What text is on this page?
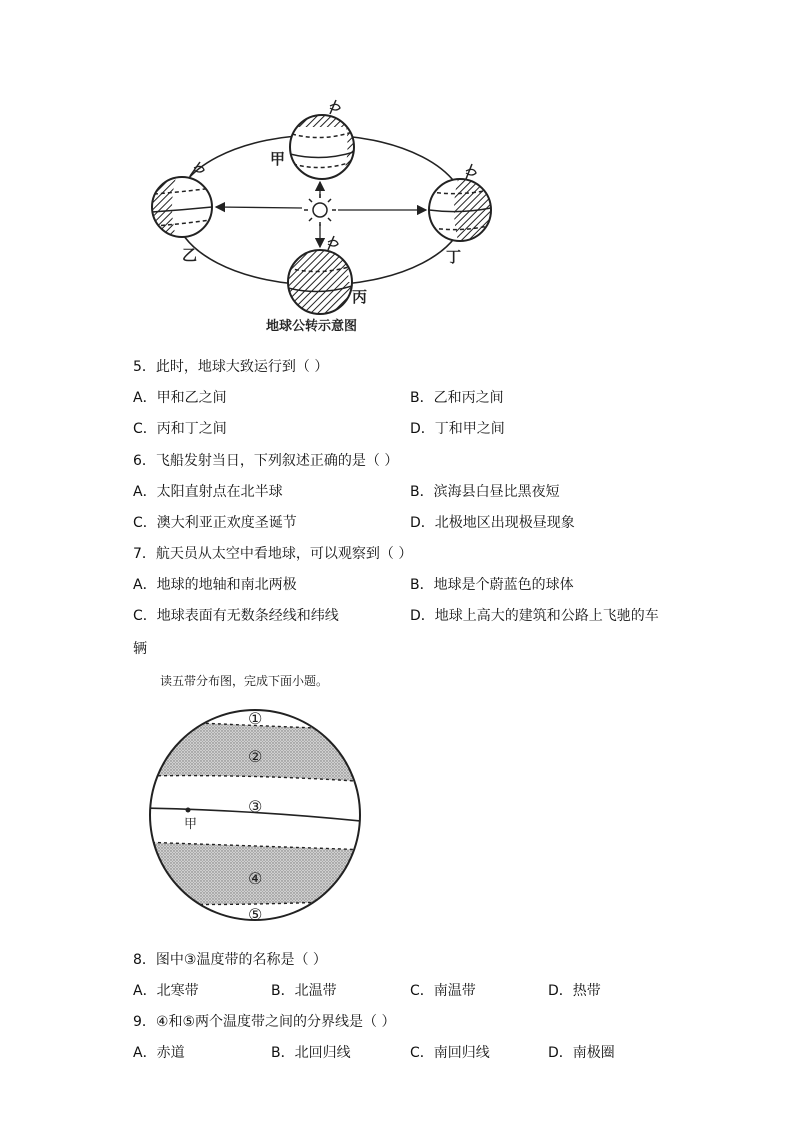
甲
乙
丙
丁
地球公转示意图
5．此时，地球大致运行到（ ）
A．甲和乙之间	B．乙和丙之间
C．丙和丁之间	D．丁和甲之间
6．飞船发射当日，下列叙述正确的是（ ）
A．太阳直射点在北半球	B．滨海县白昼比黑夜短
C．澳大利亚正欢度圣诞节	D．北极地区出现极昼现象
7．航天员从太空中看地球，可以观察到（ ）
A．地球的地轴和南北两极	B．地球是个蔚蓝色的球体
C．地球表面有无数条经线和纬线	D．地球上高大的建筑和公路上飞驰的车
辆
读五带分布图，完成下面小题。
甲
①
②
③
④
⑤
8．图中③温度带的名称是（ ）
A．北寒带	B．北温带	C．南温带	D．热带
9．④和⑤两个温度带之间的分界线是（ ）
A．赤道	B．北回归线	C．南回归线	D．南极圈
